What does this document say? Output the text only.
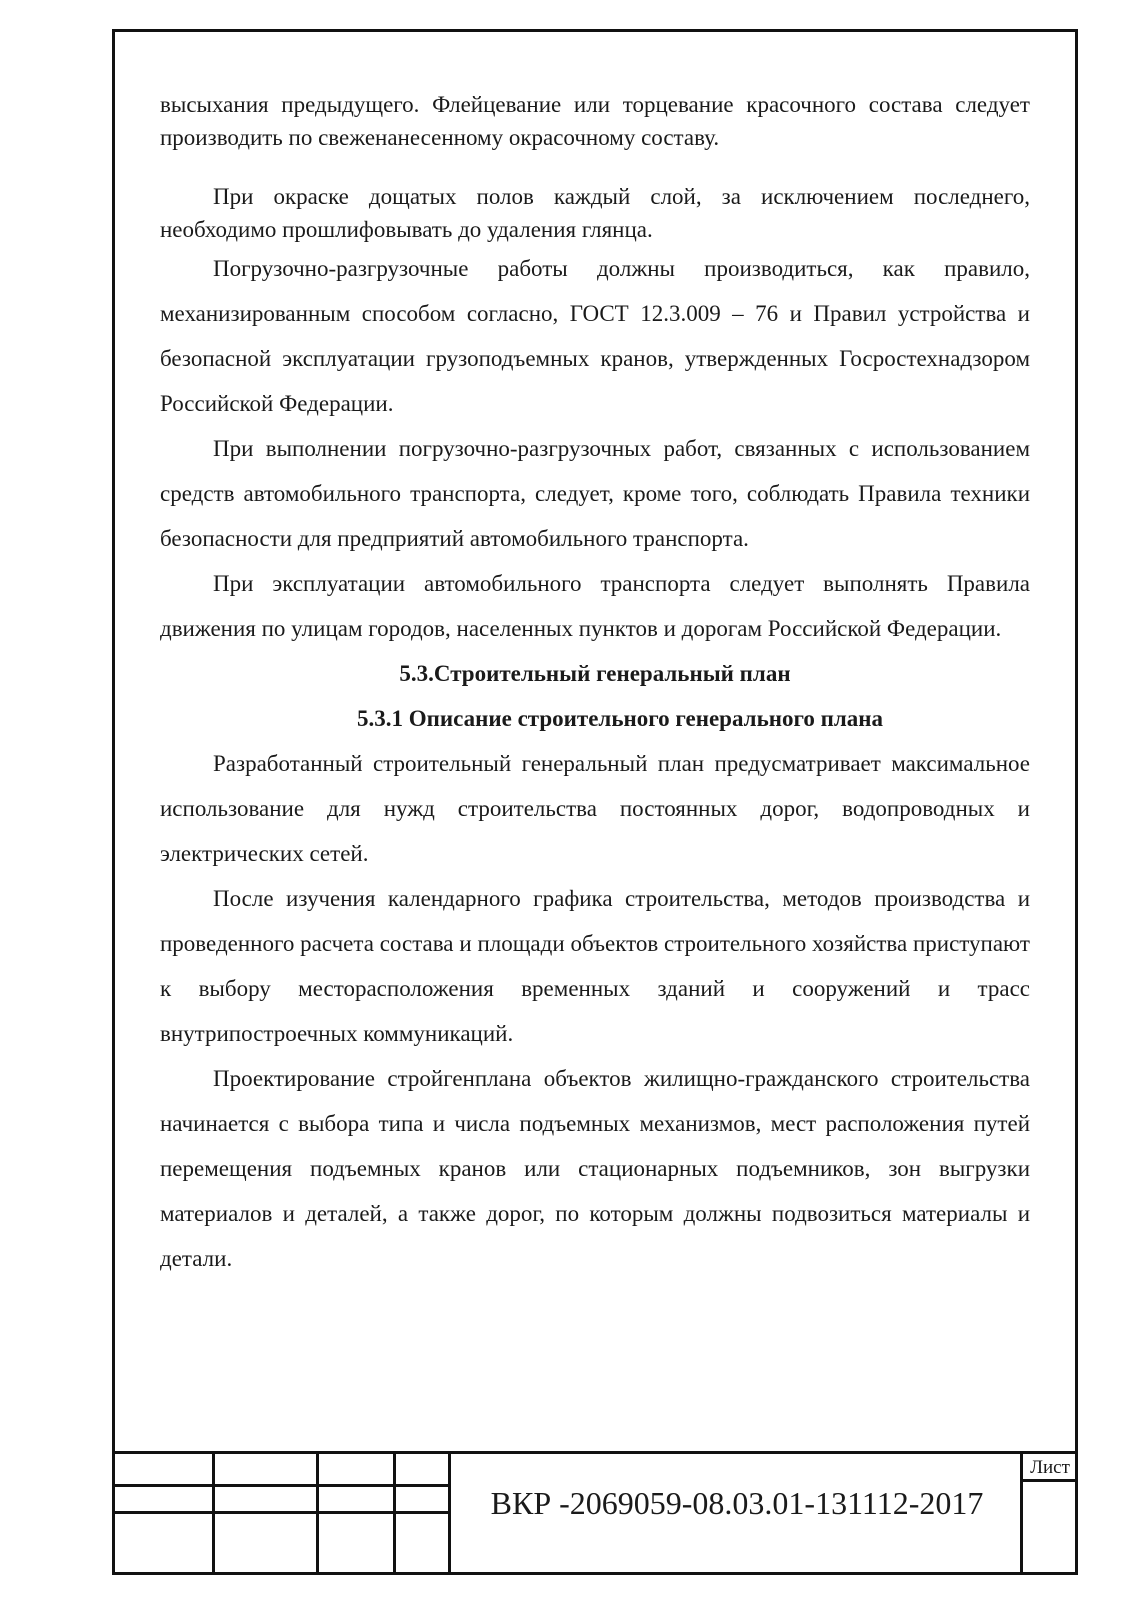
высыхания предыдущего. Флейцевание или торцевание красочного состава следует производить по свеженанесенному окрасочному составу.

При окраске дощатых полов каждый слой, за исключением последнего, необходимо прошлифовывать до удаления глянца.

Погрузочно-разгрузочные работы должны производиться, как правило, механизированным способом согласно, ГОСТ 12.3.009 – 76 и Правил устройства и безопасной эксплуатации грузоподъемных кранов, утвержденных Госростехнадзором Российской Федерации.

При выполнении погрузочно-разгрузочных работ, связанных с использованием средств автомобильного транспорта, следует, кроме того, соблюдать Правила техники безопасности для предприятий автомобильного транспорта.

При эксплуатации автомобильного транспорта следует выполнять Правила движения по улицам городов, населенных пунктов и дорогам Российской Федерации.

5.3.Строительный генеральный план
5.3.1 Описание строительного генерального плана

Разработанный строительный генеральный план предусматривает максимальное использование для нужд строительства постоянных дорог, водопроводных и электрических сетей.

После изучения календарного графика строительства, методов производства и проведенного расчета состава и площади объектов строительного хозяйства приступают к выбору месторасположения временных зданий и сооружений и трасс внутрипостроечных коммуникаций.

Проектирование стройгенплана объектов жилищно-гражданского строительства начинается с выбора типа и числа подъемных механизмов, мест расположения путей перемещения подъемных кранов или стационарных подъемников, зон выгрузки материалов и деталей, а также дорог, по которым должны подвозиться материалы и детали.

ВКР -2069059-08.03.01-131112-2017
Лист
